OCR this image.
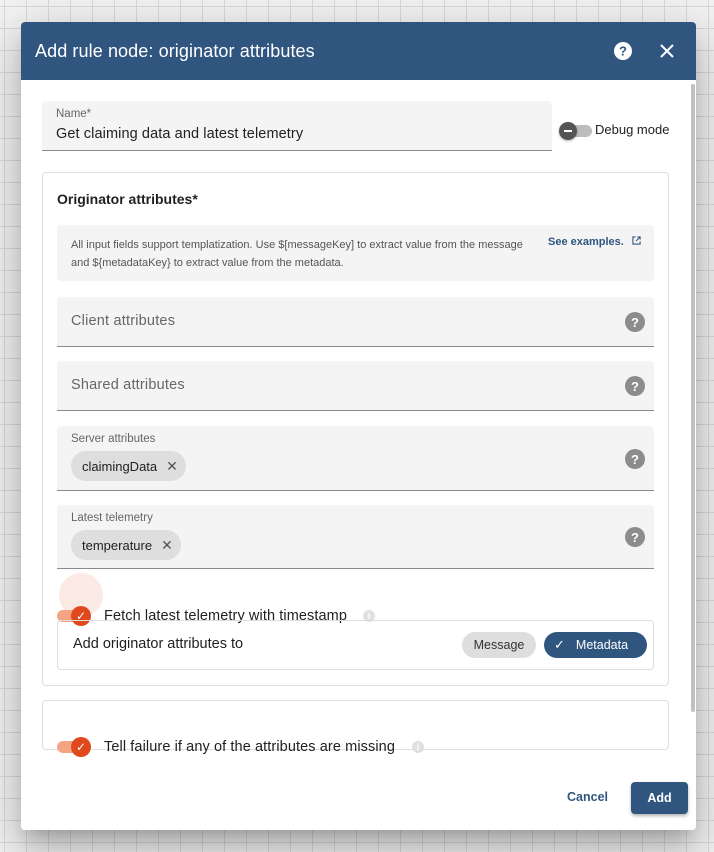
Add rule node: originator attributes	?
Name*
Get claiming data and latest telemetry	Debug mode
Originator attributes*
All input fields support templatization. Use $[messageKey] to extract value from the message and ${metadataKey} to extract value from the metadata.
See examples.
Client attributes	?
Shared attributes	?
Server attributes
claimingData ✕	?
Latest telemetry
temperature ✕	?
✓	Fetch latest telemetry with timestamp	i
Add originator attributes to	Message ✓ Metadata
✓	Tell failure if any of the attributes are missing	i
Cancel	Add
